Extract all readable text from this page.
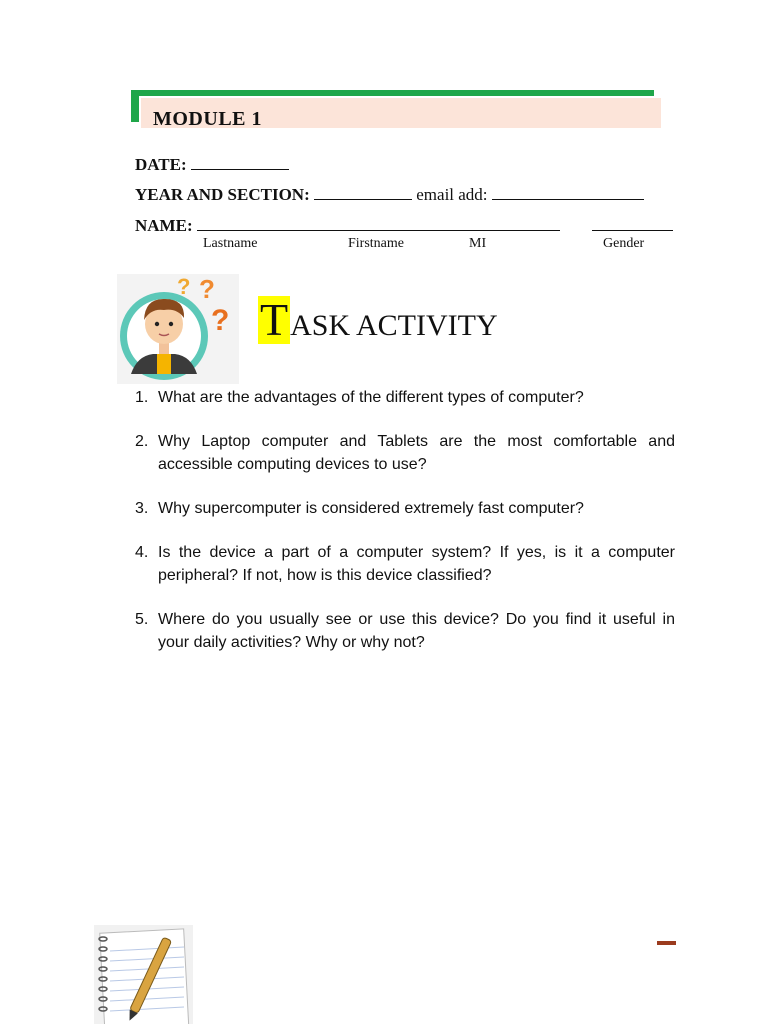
MODULE 1
DATE:
YEAR AND SECTION:	email add:
NAME:
Lastname	Firstname	MI	Gender
? ?
? TASK ACTIVITY
1. What are the advantages of the different types of computer?
2. Why Laptop computer and Tablets are the most comfortable and accessible computing devices to use?
3. Why supercomputer is considered extremely fast computer?
4. Is the device a part of a computer system? If yes, is it a computer peripheral? If not, how is this device classified?
5. Where do you usually see or use this device? Do you find it useful in your daily activities? Why or why not?
